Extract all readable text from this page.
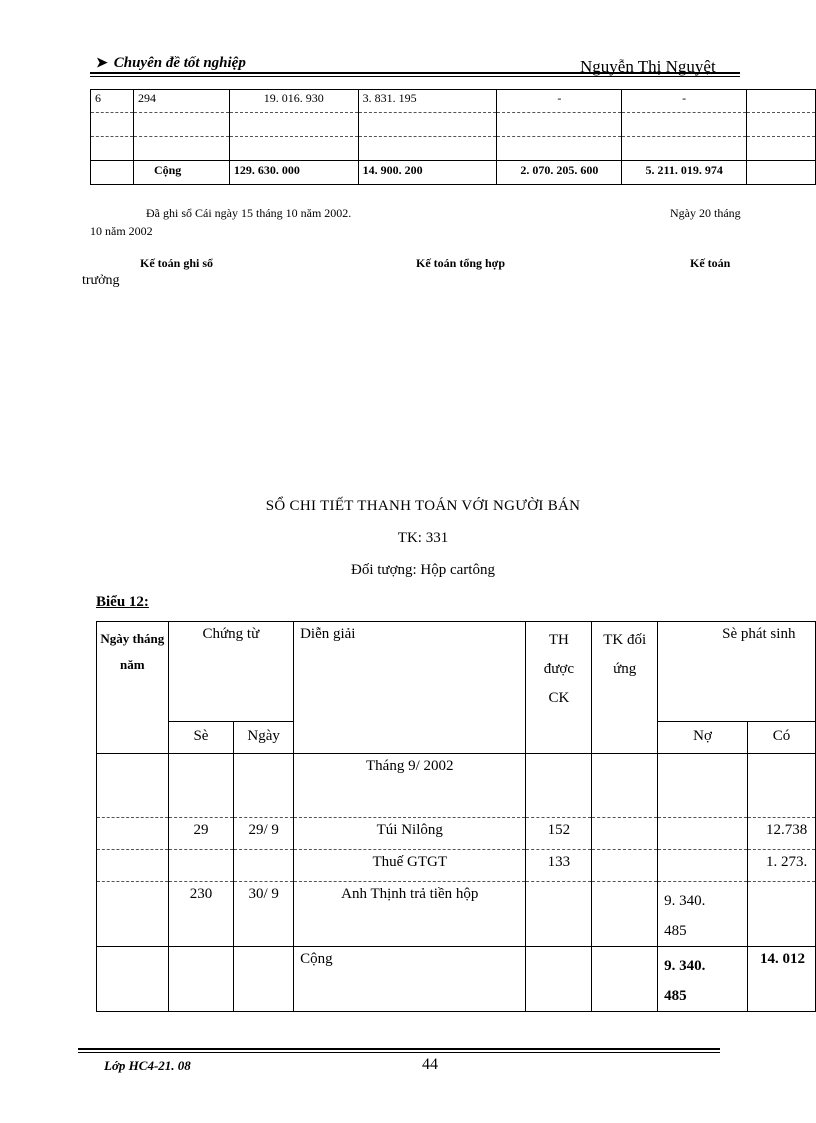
➤ Chuyên đề tốt nghiệp	Nguyễn Thị Nguyệt
6	294	19. 016. 930	3. 831. 195	-	-	

	Cộng	129. 630. 000	14. 900. 200	2. 070. 205. 600	5. 211. 019. 974	
Đã ghi sổ Cái ngày 15 tháng 10 năm 2002.	Ngày 20 tháng
10 năm 2002
Kế toán ghi sổ	Kế toán tổng hợp	Kế toán
trưởng
SỔ CHI TIẾT THANH TOÁN VỚI NGƯỜI BÁN
TK: 331
Đối tượng: Hộp cartông
Biểu 12:
Ngày tháng năm	Chứng từ		Diễn giải	TH được CK	TK đối ứng	Sè phát sinh	
	Sè	Ngày				Nợ	Có
			Tháng 9/ 2002				
	29	29/ 9	Túi Nilông	152			12.738
			Thuế GTGT	133			1. 273.
	230	30/ 9	Anh Thịnh trả tiền hộp			9. 340. 485	
			Cộng			9. 340. 485	14. 012
Lớp HC4-21. 08	44
